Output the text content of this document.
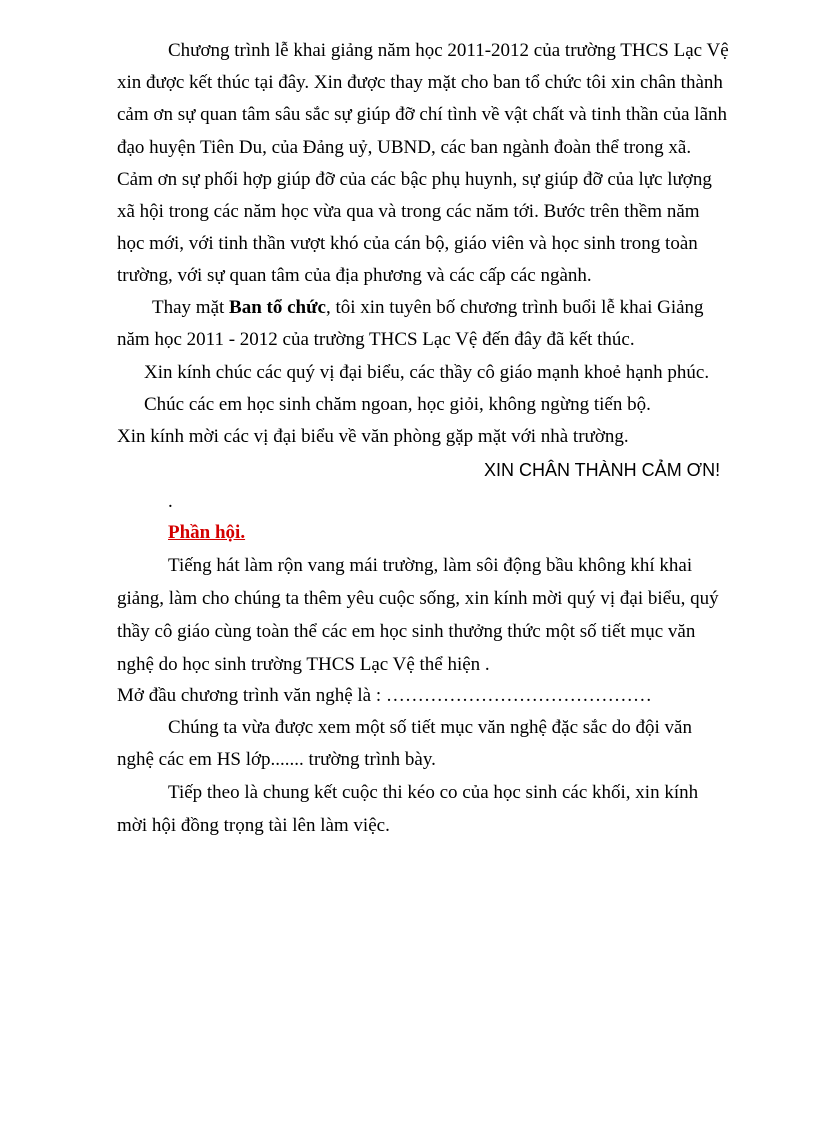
Chương trình lễ khai giảng năm học 2011-2012 của trường THCS Lạc Vệ
xin được kết thúc tại đây. Xin được thay mặt cho ban tổ chức tôi xin chân thành
cảm ơn sự quan tâm sâu sắc sự giúp đỡ chí tình về vật chất và tinh thần của lãnh
đạo huyện Tiên Du, của Đảng uỷ, UBND, các ban ngành đoàn thể trong xã.
Cảm ơn sự phối hợp giúp đỡ của các bậc phụ huynh, sự giúp đỡ của lực lượng
xã hội trong các năm học vừa qua và trong các năm tới. Bước trên thềm năm
học mới, với tinh thần vượt khó của cán bộ, giáo viên và học sinh trong toàn
trường, với sự quan tâm của địa phương và các cấp các ngành.
Thay mặt Ban tổ chức, tôi xin tuyên bố chương trình buổi lễ khai Giảng
năm học 2011 - 2012 của trường THCS Lạc Vệ đến đây đã kết thúc.
Xin kính chúc các quý vị đại biểu, các thầy cô giáo mạnh khoẻ hạnh phúc.
Chúc các em học sinh chăm ngoan, học giỏi, không ngừng tiến bộ.
Xin kính mời các vị đại biểu về văn phòng gặp mặt với nhà trường.
XIN CHÂN THÀNH CẢM ƠN!
.
Phần hội.
Tiếng hát làm rộn vang mái trường, làm sôi động bầu không khí khai
giảng, làm cho chúng ta thêm yêu cuộc sống, xin kính mời quý vị đại biểu, quý
thầy cô giáo cùng toàn thể các em học sinh thưởng thức một số tiết mục văn
nghệ do học sinh trường THCS Lạc Vệ thể hiện .
Mở đầu chương trình văn nghệ là : ……………………………………
Chúng ta vừa được xem một số tiết mục văn nghệ đặc sắc do đội văn
nghệ các em HS lớp....... trường trình bày.
Tiếp theo là chung kết cuộc thi kéo co của học sinh các khối, xin kính
mời hội đồng trọng tài lên làm việc.
